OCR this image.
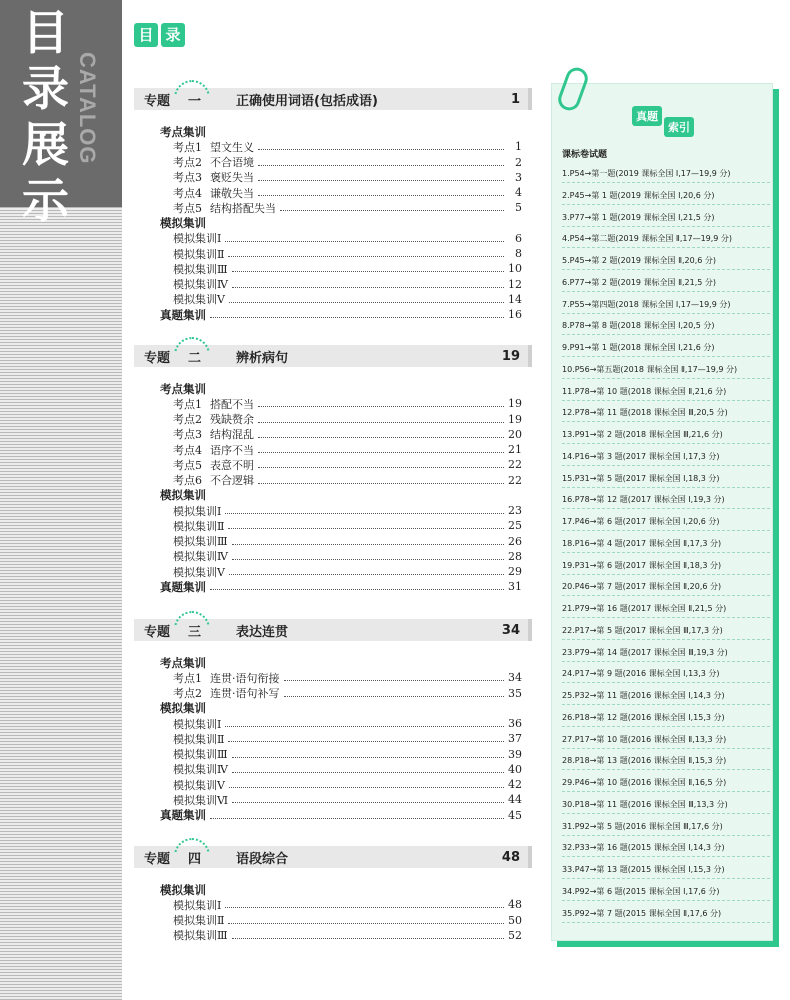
目
录
展
示
CATALOG
目 录
专题 一	正确使用词语(包括成语)	1
考点集训
考点1 望文生义	1
考点2 不合语境	2
考点3 褒贬失当	3
考点4 谦敬失当	4
考点5 结构搭配失当	5
模拟集训
模拟集训Ⅰ	6
模拟集训Ⅱ	8
模拟集训Ⅲ	10
模拟集训Ⅳ	12
模拟集训Ⅴ	14
真题集训	16
专题 二	辨析病句	19
考点集训
考点1 搭配不当	19
考点2 残缺赘余	19
考点3 结构混乱	20
考点4 语序不当	21
考点5 表意不明	22
考点6 不合逻辑	22
模拟集训
模拟集训Ⅰ	23
模拟集训Ⅱ	25
模拟集训Ⅲ	26
模拟集训Ⅳ	28
模拟集训Ⅴ	29
真题集训	31
专题 三	表达连贯	34
考点集训
考点1 连贯·语句衔接	34
考点2 连贯·语句补写	35
模拟集训
模拟集训Ⅰ	36
模拟集训Ⅱ	37
模拟集训Ⅲ	39
模拟集训Ⅳ	40
模拟集训Ⅴ	42
模拟集训Ⅵ	44
真题集训	45
专题 四	语段综合	48
模拟集训
模拟集训Ⅰ	48
模拟集训Ⅱ	50
模拟集训Ⅲ	52
真题
索引
课标卷试题
1.P54→第一题(2019 课标全国 Ⅰ,17—19,9 分)
2.P45→第 1 题(2019 课标全国 Ⅰ,20,6 分)
3.P77→第 1 题(2019 课标全国 Ⅰ,21,5 分)
4.P54→第二题(2019 课标全国 Ⅱ,17—19,9 分)
5.P45→第 2 题(2019 课标全国 Ⅱ,20,6 分)
6.P77→第 2 题(2019 课标全国 Ⅱ,21,5 分)
7.P55→第四题(2018 课标全国 Ⅰ,17—19,9 分)
8.P78→第 8 题(2018 课标全国 Ⅰ,20,5 分)
9.P91→第 1 题(2018 课标全国 Ⅰ,21,6 分)
10.P56→第五题(2018 课标全国 Ⅱ,17—19,9 分)
11.P78→第 10 题(2018 课标全国 Ⅱ,21,6 分)
12.P78→第 11 题(2018 课标全国 Ⅲ,20,5 分)
13.P91→第 2 题(2018 课标全国 Ⅲ,21,6 分)
14.P16→第 3 题(2017 课标全国 Ⅰ,17,3 分)
15.P31→第 5 题(2017 课标全国 Ⅰ,18,3 分)
16.P78→第 12 题(2017 课标全国 Ⅰ,19,3 分)
17.P46→第 6 题(2017 课标全国 Ⅰ,20,6 分)
18.P16→第 4 题(2017 课标全国 Ⅱ,17,3 分)
19.P31→第 6 题(2017 课标全国 Ⅱ,18,3 分)
20.P46→第 7 题(2017 课标全国 Ⅱ,20,6 分)
21.P79→第 16 题(2017 课标全国 Ⅱ,21,5 分)
22.P17→第 5 题(2017 课标全国 Ⅲ,17,3 分)
23.P79→第 14 题(2017 课标全国 Ⅲ,19,3 分)
24.P17→第 9 题(2016 课标全国 Ⅰ,13,3 分)
25.P32→第 11 题(2016 课标全国 Ⅰ,14,3 分)
26.P18→第 12 题(2016 课标全国 Ⅰ,15,3 分)
27.P17→第 10 题(2016 课标全国 Ⅱ,13,3 分)
28.P18→第 13 题(2016 课标全国 Ⅱ,15,3 分)
29.P46→第 10 题(2016 课标全国 Ⅱ,16,5 分)
30.P18→第 11 题(2016 课标全国 Ⅲ,13,3 分)
31.P92→第 5 题(2016 课标全国 Ⅲ,17,6 分)
32.P33→第 16 题(2015 课标全国 Ⅰ,14,3 分)
33.P47→第 13 题(2015 课标全国 Ⅰ,15,3 分)
34.P92→第 6 题(2015 课标全国 Ⅰ,17,6 分)
35.P92→第 7 题(2015 课标全国 Ⅱ,17,6 分)
